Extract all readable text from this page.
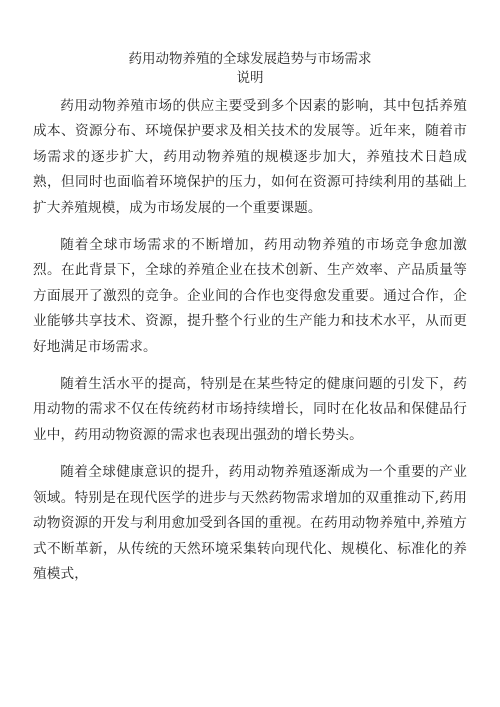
药用动物养殖的全球发展趋势与市场需求
说明

药用动物养殖市场的供应主要受到多个因素的影响，其中包括养殖成本、资源分布、环境保护要求及相关技术的发展等。近年来，随着市场需求的逐步扩大，药用动物养殖的规模逐步加大，养殖技术日趋成熟，但同时也面临着环境保护的压力，如何在资源可持续利用的基础上扩大养殖规模，成为市场发展的一个重要课题。

随着全球市场需求的不断增加，药用动物养殖的市场竞争愈加激烈。在此背景下，全球的养殖企业在技术创新、生产效率、产品质量等方面展开了激烈的竞争。企业间的合作也变得愈发重要。通过合作，企业能够共享技术、资源，提升整个行业的生产能力和技术水平，从而更好地满足市场需求。

随着生活水平的提高，特别是在某些特定的健康问题的引发下，药用动物的需求不仅在传统药材市场持续增长，同时在化妆品和保健品行业中，药用动物资源的需求也表现出强劲的增长势头。

随着全球健康意识的提升，药用动物养殖逐渐成为一个重要的产业领域。特别是在现代医学的进步与天然药物需求增加的双重推动下,药用动物资源的开发与利用愈加受到各国的重视。在药用动物养殖中,养殖方式不断革新，从传统的天然环境采集转向现代化、规模化、标准化的养殖模式，
